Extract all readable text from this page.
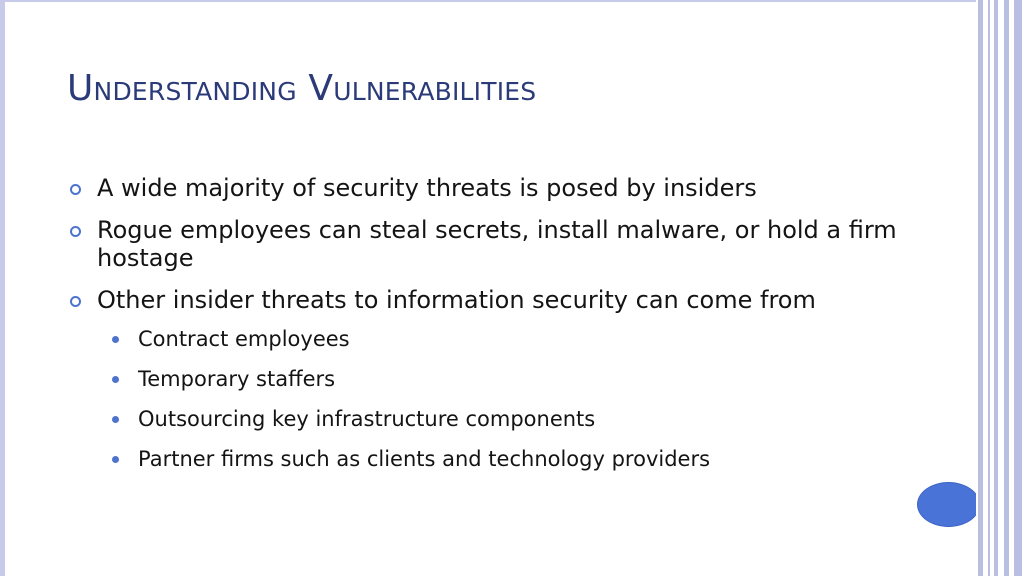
Understanding Vulnerabilities
A wide majority of security threats is posed by insiders
Rogue employees can steal secrets, install malware, or hold a firm hostage
Other insider threats to information security can come from
Contract employees
Temporary staffers
Outsourcing key infrastructure components
Partner firms such as clients and technology providers
